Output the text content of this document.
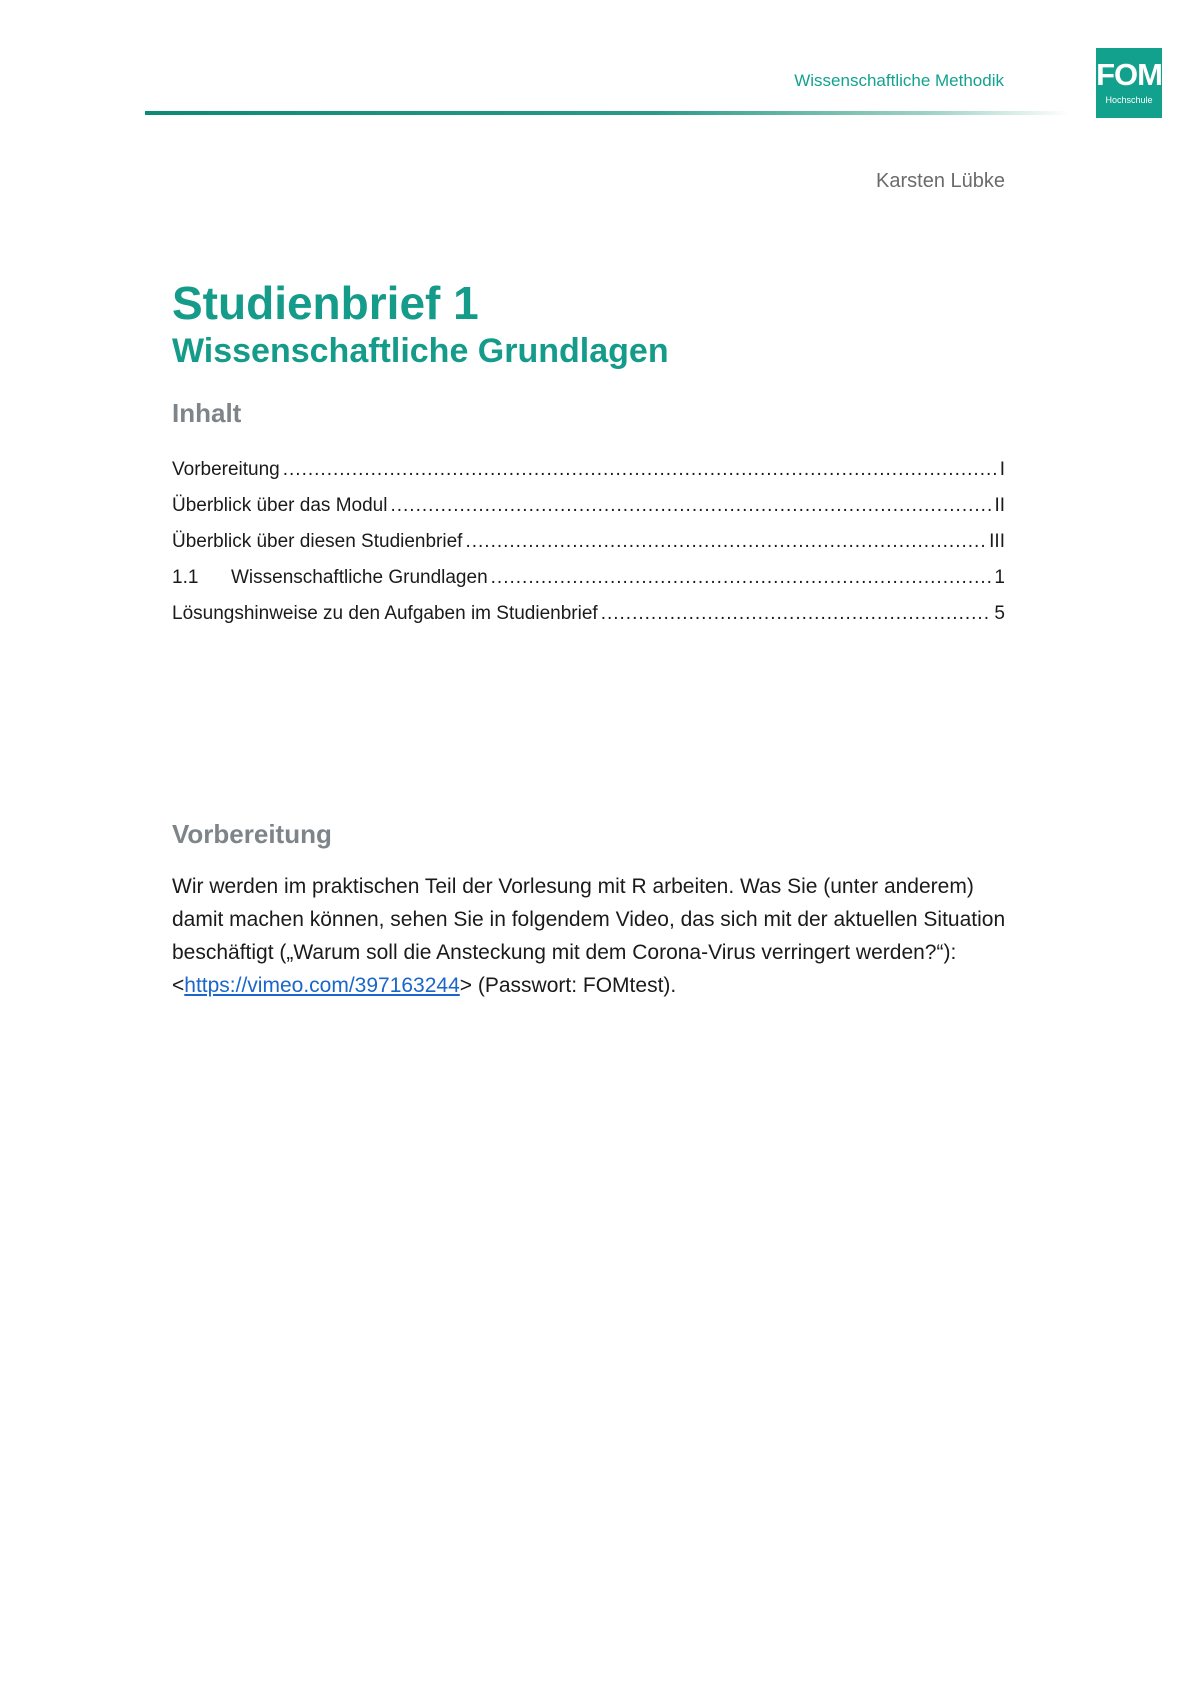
Wissenschaftliche Methodik	FOM
Hochschule
Karsten Lübke
Studienbrief 1
Wissenschaftliche Grundlagen
Inhalt
Vorbereitung .....	I
Überblick über das Modul .....	II
Überblick über diesen Studienbrief .....	III
1.1	Wissenschaftliche Grundlagen .....	1
Lösungshinweise zu den Aufgaben im Studienbrief .....	5
Vorbereitung

Wir werden im praktischen Teil der Vorlesung mit R arbeiten. Was Sie (unter anderem) damit machen können, sehen Sie in folgendem Video, das sich mit der aktuellen Situation beschäftigt („Warum soll die Ansteckung mit dem Corona-Virus verringert werden?“): <https://vimeo.com/397163244> (Passwort: FOMtest).
